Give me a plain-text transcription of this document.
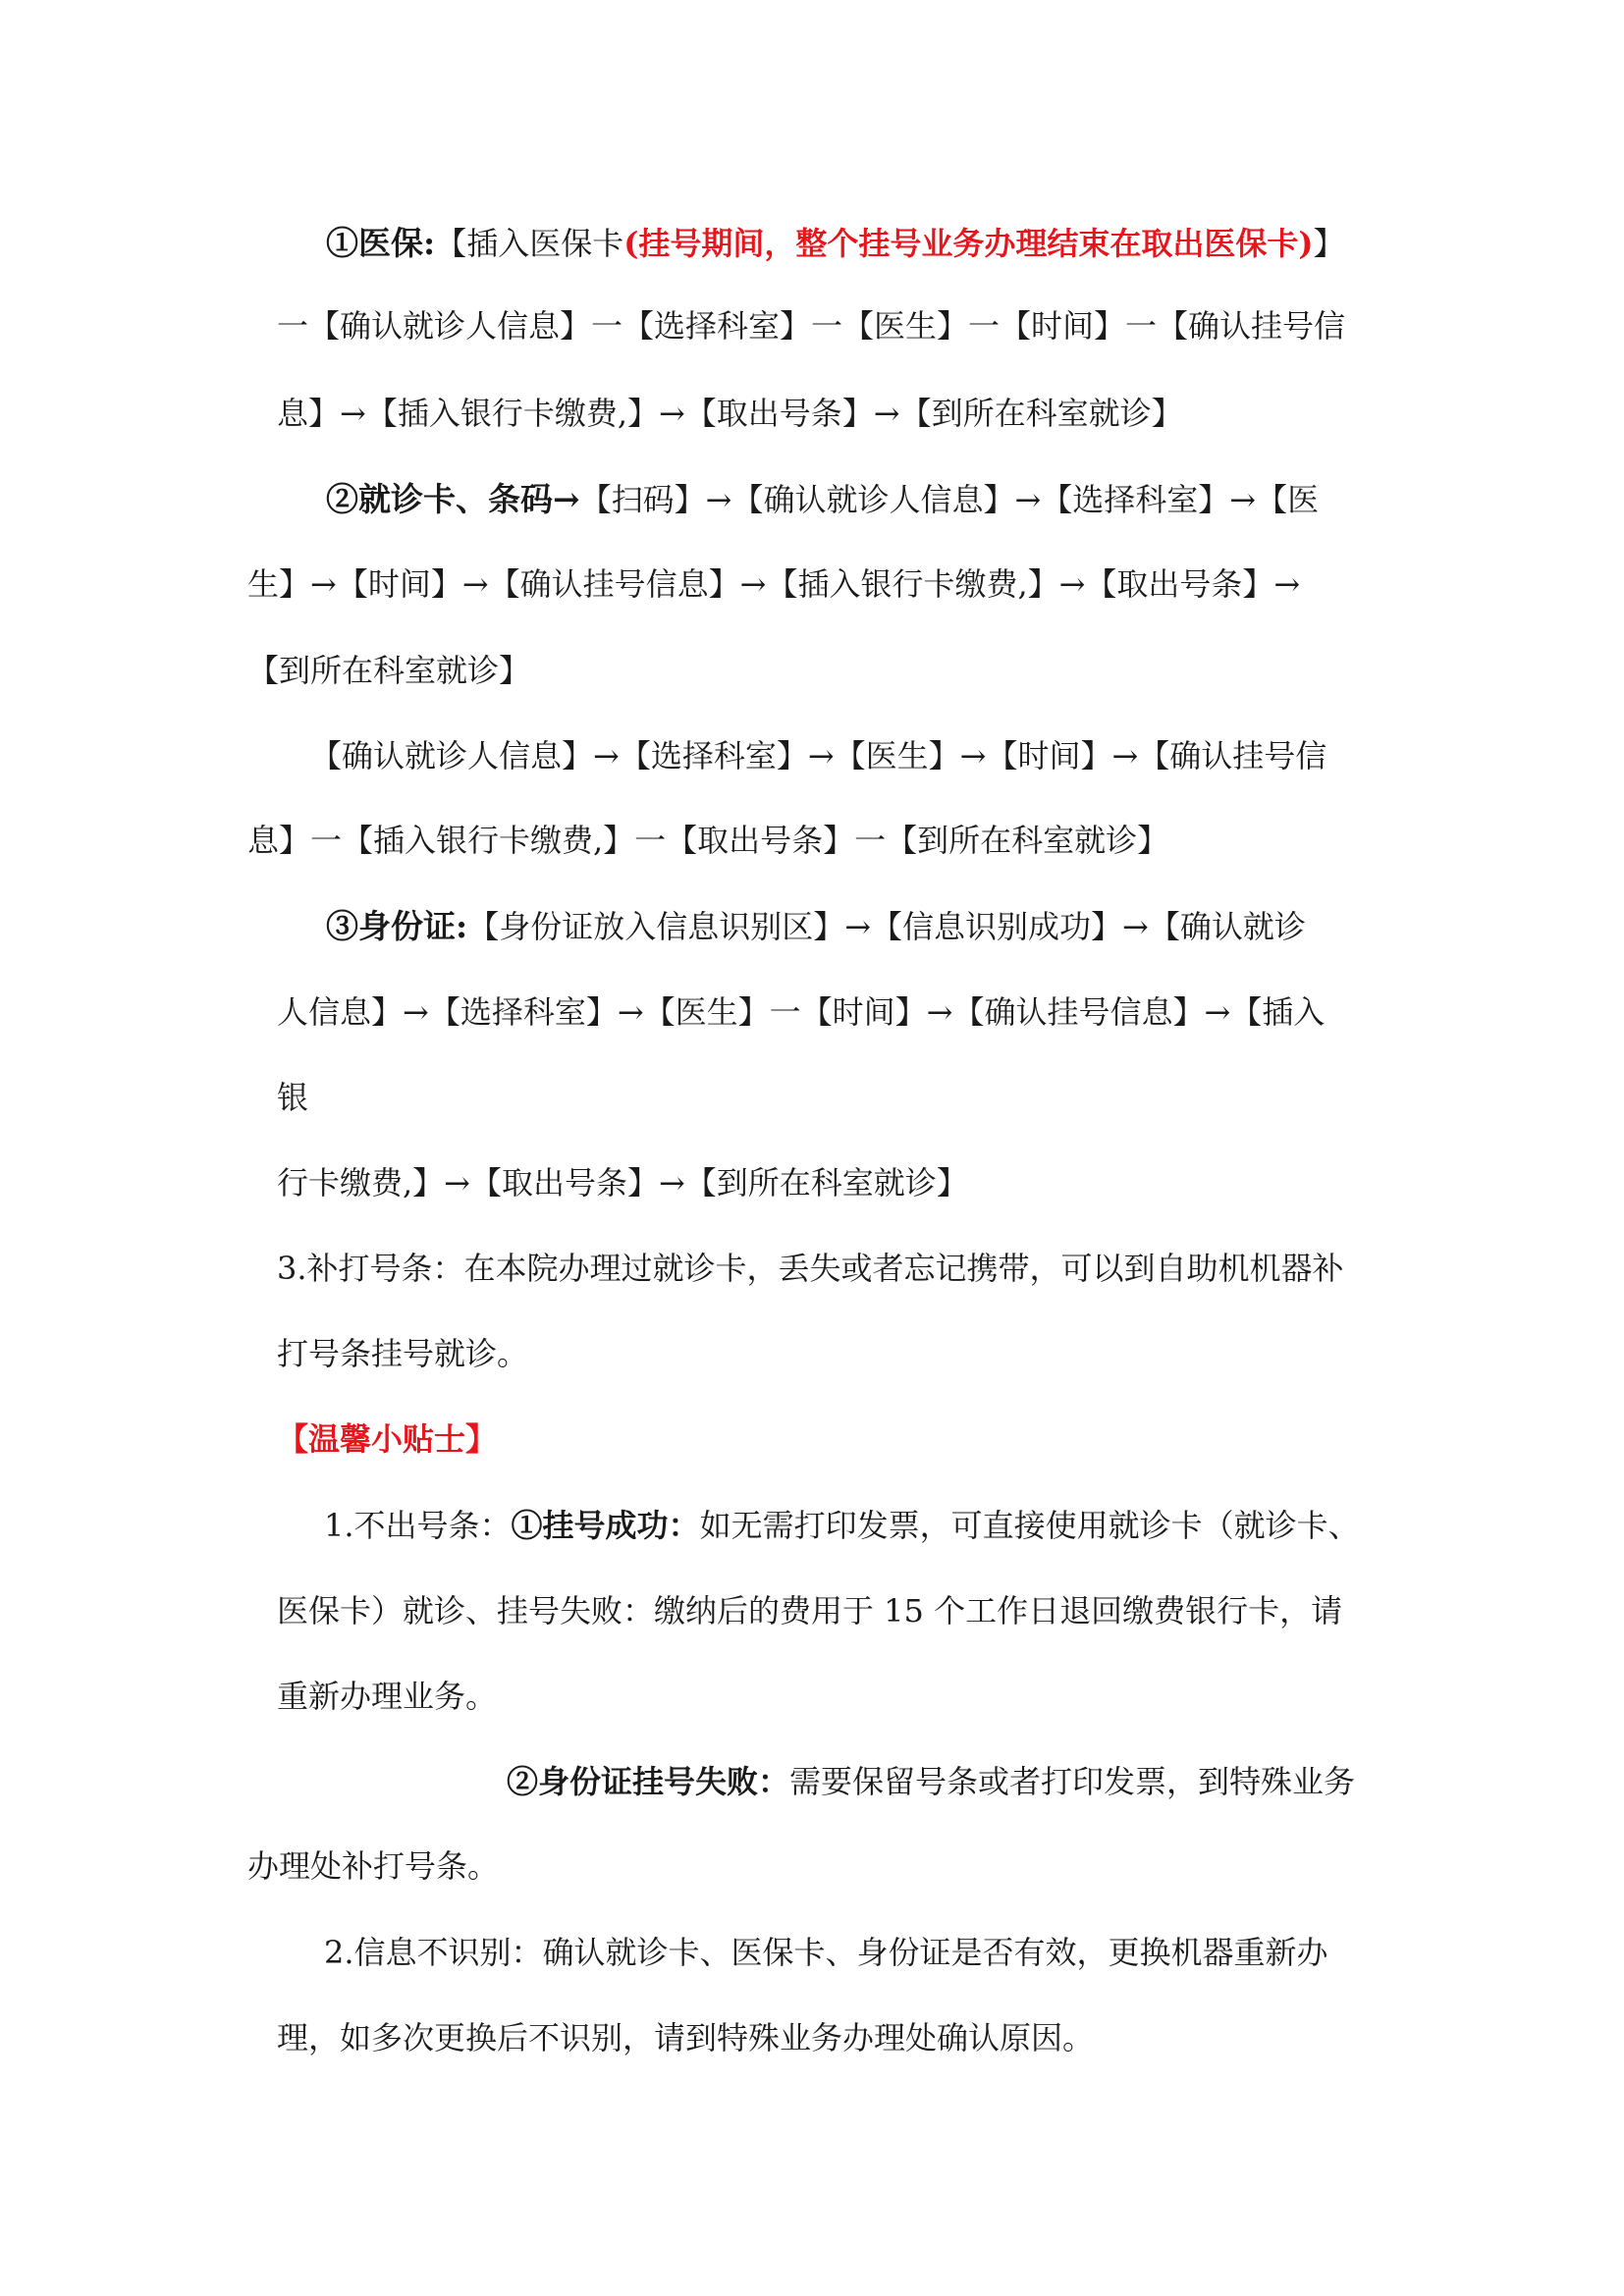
①医保:【插入医保卡(挂号期间，整个挂号业务办理结束在取出医保卡)】
一【确认就诊人信息】一【选择科室】一【医生】一【时间】一【确认挂号信
息】→【插入银行卡缴费,】→【取出号条】→【到所在科室就诊】
②就诊卡、条码→【扫码】→【确认就诊人信息】→【选择科室】→【医
生】→【时间】→【确认挂号信息】→【插入银行卡缴费,】→【取出号条】→
【到所在科室就诊】
【确认就诊人信息】→【选择科室】→【医生】→【时间】→【确认挂号信
息】一【插入银行卡缴费,】一【取出号条】一【到所在科室就诊】
③身份证:【身份证放入信息识别区】→【信息识别成功】→【确认就诊
人信息】→【选择科室】→【医生】一【时间】→【确认挂号信息】→【插入
银
行卡缴费,】→【取出号条】→【到所在科室就诊】
3.补打号条：在本院办理过就诊卡，丢失或者忘记携带，可以到自助机机器补
打号条挂号就诊。
【温馨小贴士】
1.不出号条：①挂号成功：如无需打印发票，可直接使用就诊卡（就诊卡、
医保卡）就诊、挂号失败：缴纳后的费用于 15 个工作日退回缴费银行卡，请
重新办理业务。
②身份证挂号失败：需要保留号条或者打印发票，到特殊业务
办理处补打号条。
2.信息不识别：确认就诊卡、医保卡、身份证是否有效，更换机器重新办
理，如多次更换后不识别，请到特殊业务办理处确认原因。
